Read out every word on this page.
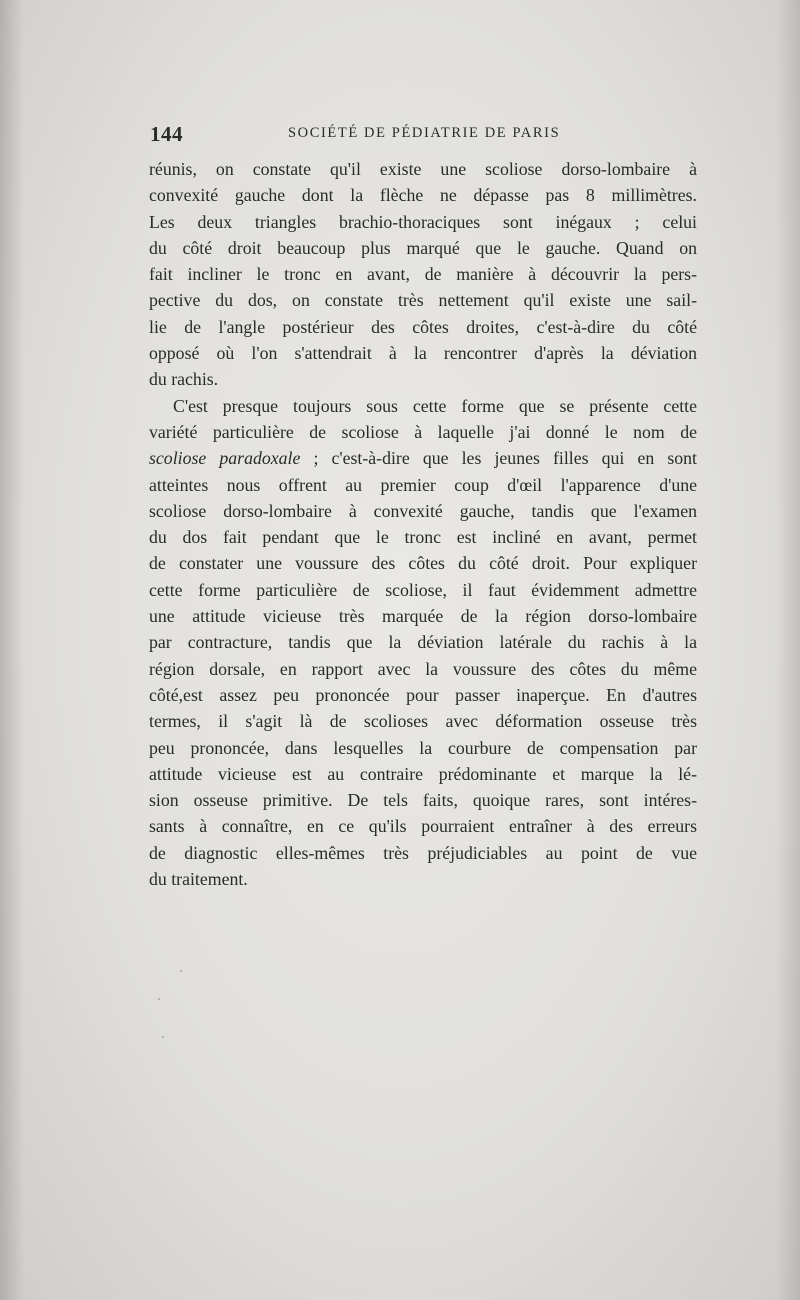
144	SOCIÉTÉ DE PÉDIATRIE DE PARIS
réunis, on constate qu'il existe une scoliose dorso-lombaire à
convexité gauche dont la flèche ne dépasse pas 8 millimètres.
Les deux triangles brachio-thoraciques sont inégaux ; celui
du côté droit beaucoup plus marqué que le gauche. Quand on
fait incliner le tronc en avant, de manière à découvrir la pers-
pective du dos, on constate très nettement qu'il existe une sail-
lie de l'angle postérieur des côtes droites, c'est-à-dire du côté
opposé où l'on s'attendrait à la rencontrer d'après la déviation
du rachis.
C'est presque toujours sous cette forme que se présente cette
variété particulière de scoliose à laquelle j'ai donné le nom de
scoliose paradoxale ; c'est-à-dire que les jeunes filles qui en sont
atteintes nous offrent au premier coup d'œil l'apparence d'une
scoliose dorso-lombaire à convexité gauche, tandis que l'examen
du dos fait pendant que le tronc est incliné en avant, permet
de constater une voussure des côtes du côté droit. Pour expliquer
cette forme particulière de scoliose, il faut évidemment admettre
une attitude vicieuse très marquée de la région dorso-lombaire
par contracture, tandis que la déviation latérale du rachis à la
région dorsale, en rapport avec la voussure des côtes du même
côté,est assez peu prononcée pour passer inaperçue. En d'autres
termes, il s'agit là de scolioses avec déformation osseuse très
peu prononcée, dans lesquelles la courbure de compensation par
attitude vicieuse est au contraire prédominante et marque la lé-
sion osseuse primitive. De tels faits, quoique rares, sont intéres-
sants à connaître, en ce qu'ils pourraient entraîner à des erreurs
de diagnostic elles-mêmes très préjudiciables au point de vue
du traitement.
